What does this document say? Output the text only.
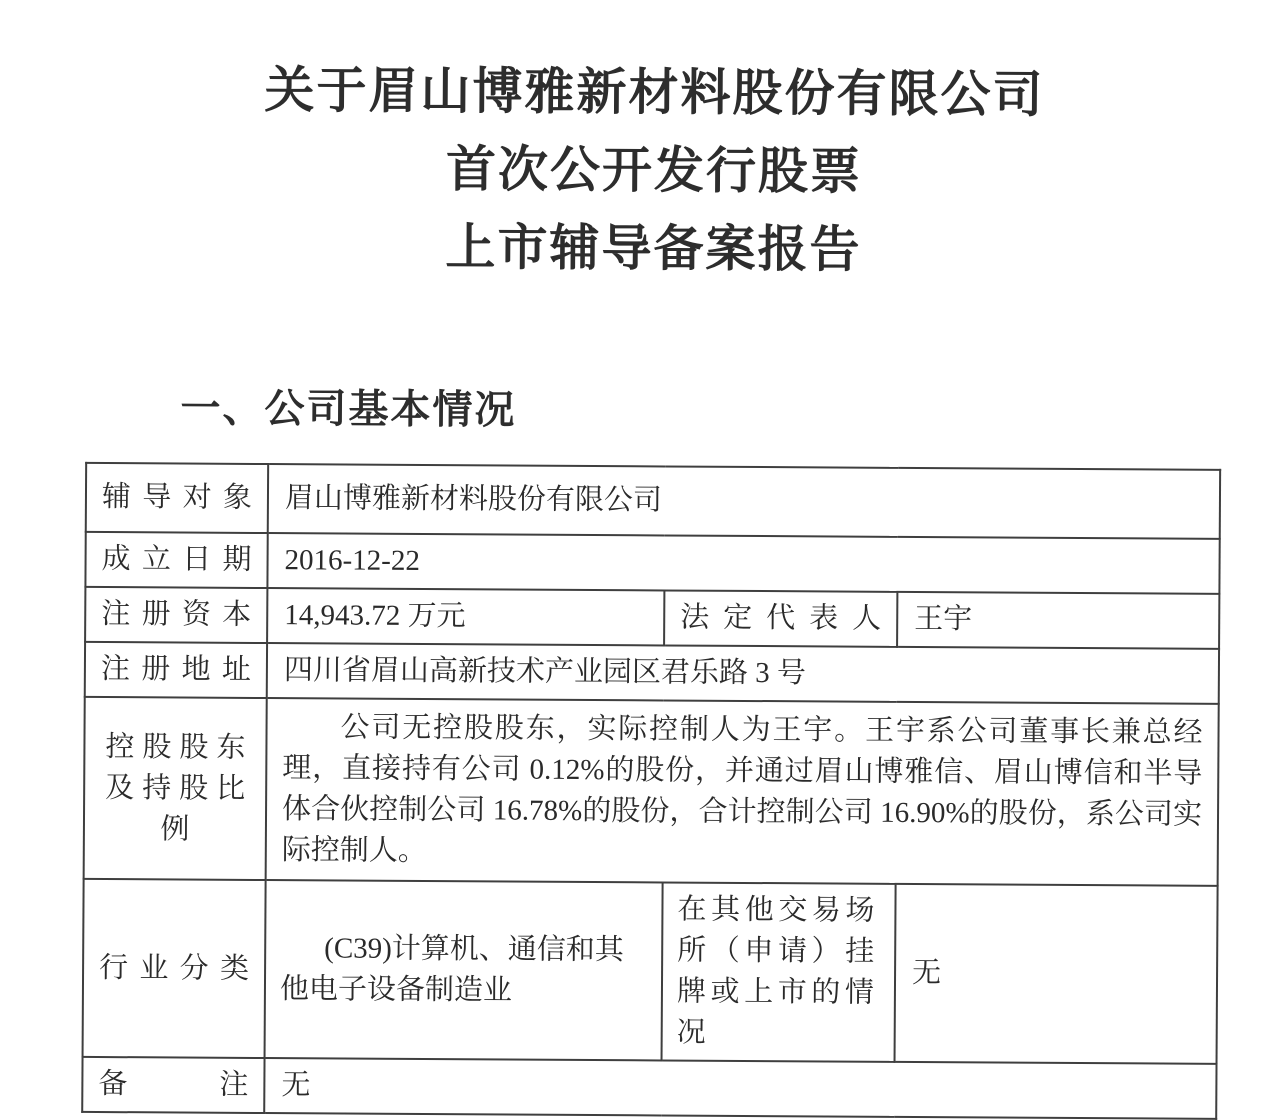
关于眉山博雅新材料股份有限公司
首次公开发行股票
上市辅导备案报告
一、公司基本情况
辅导对象	眉山博雅新材料股份有限公司		
成立日期	2016-12-22		
注册资本	14,943.72 万元	法定代表人	王宇
注册地址	四川省眉山高新技术产业园区君乐路 3 号		
控股股东及持股比例	公司无控股股东，实际控制人为王宇。王宇系公司董事长兼总经理，直接持有公司 0.12%的股份，并通过眉山博雅信、眉山博信和半导体合伙控制公司 16.78%的股份，合计控制公司 16.90%的股份，系公司实际控制人。		
行业分类	(C39)计算机、通信和其他电子设备制造业	在其他交易场所（申请）挂牌或上市的情况	无
备注	无		
